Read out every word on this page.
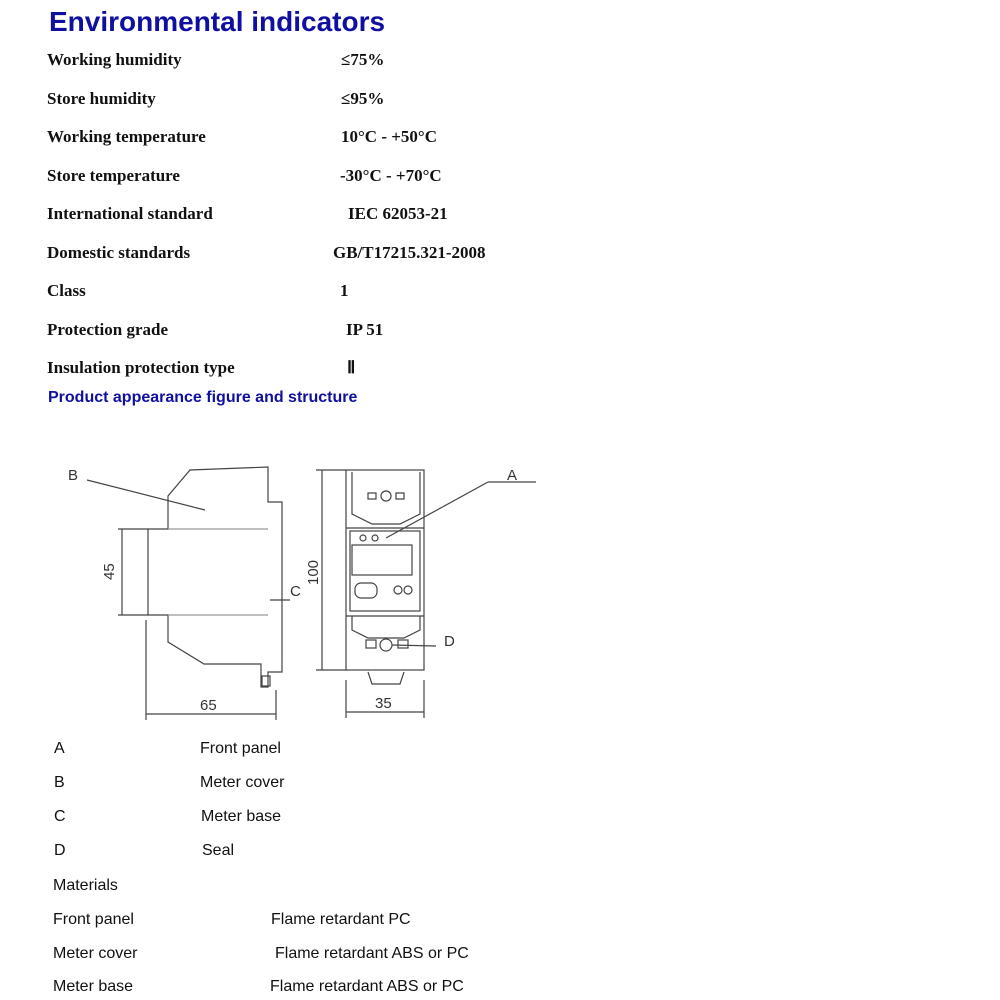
Environmental indicators
Working humidity	≤75%
Store humidity	≤95%
Working temperature	10°C - +50°C
Store temperature	-30°C - +70°C
International standard	IEC 62053-21
Domestic standards	GB/T17215.321-2008
Class	1
Protection grade	IP 51
Insulation protection type	Ⅱ
Product appearance figure and structure
B	A
C
D
45	100
65	35
A	Front panel
B	Meter cover
C	Meter base
D	Seal
Materials
Front panel	Flame retardant PC
Meter cover	Flame retardant ABS or PC
Meter base	Flame retardant ABS or PC
